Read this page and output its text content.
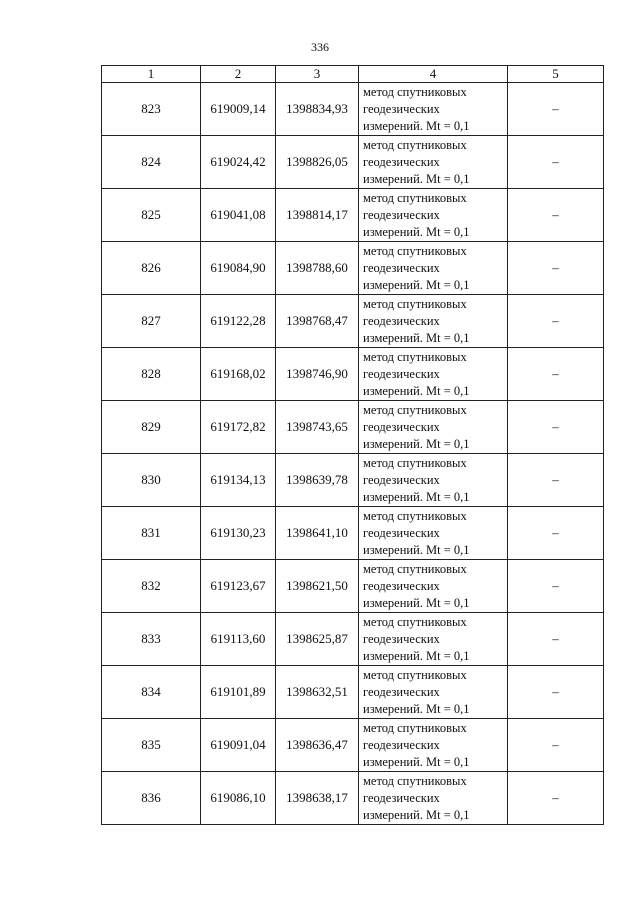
336
1	2	3	4	5
823	619009,14	1398834,93	метод спутниковых
геодезических
измерений. Mt = 0,1	–
824	619024,42	1398826,05	метод спутниковых
геодезических
измерений. Mt = 0,1	–
825	619041,08	1398814,17	метод спутниковых
геодезических
измерений. Mt = 0,1	–
826	619084,90	1398788,60	метод спутниковых
геодезических
измерений. Mt = 0,1	–
827	619122,28	1398768,47	метод спутниковых
геодезических
измерений. Mt = 0,1	–
828	619168,02	1398746,90	метод спутниковых
геодезических
измерений. Mt = 0,1	–
829	619172,82	1398743,65	метод спутниковых
геодезических
измерений. Mt = 0,1	–
830	619134,13	1398639,78	метод спутниковых
геодезических
измерений. Mt = 0,1	–
831	619130,23	1398641,10	метод спутниковых
геодезических
измерений. Mt = 0,1	–
832	619123,67	1398621,50	метод спутниковых
геодезических
измерений. Mt = 0,1	–
833	619113,60	1398625,87	метод спутниковых
геодезических
измерений. Mt = 0,1	–
834	619101,89	1398632,51	метод спутниковых
геодезических
измерений. Mt = 0,1	–
835	619091,04	1398636,47	метод спутниковых
геодезических
измерений. Mt = 0,1	–
836	619086,10	1398638,17	метод спутниковых
геодезических
измерений. Mt = 0,1	–
